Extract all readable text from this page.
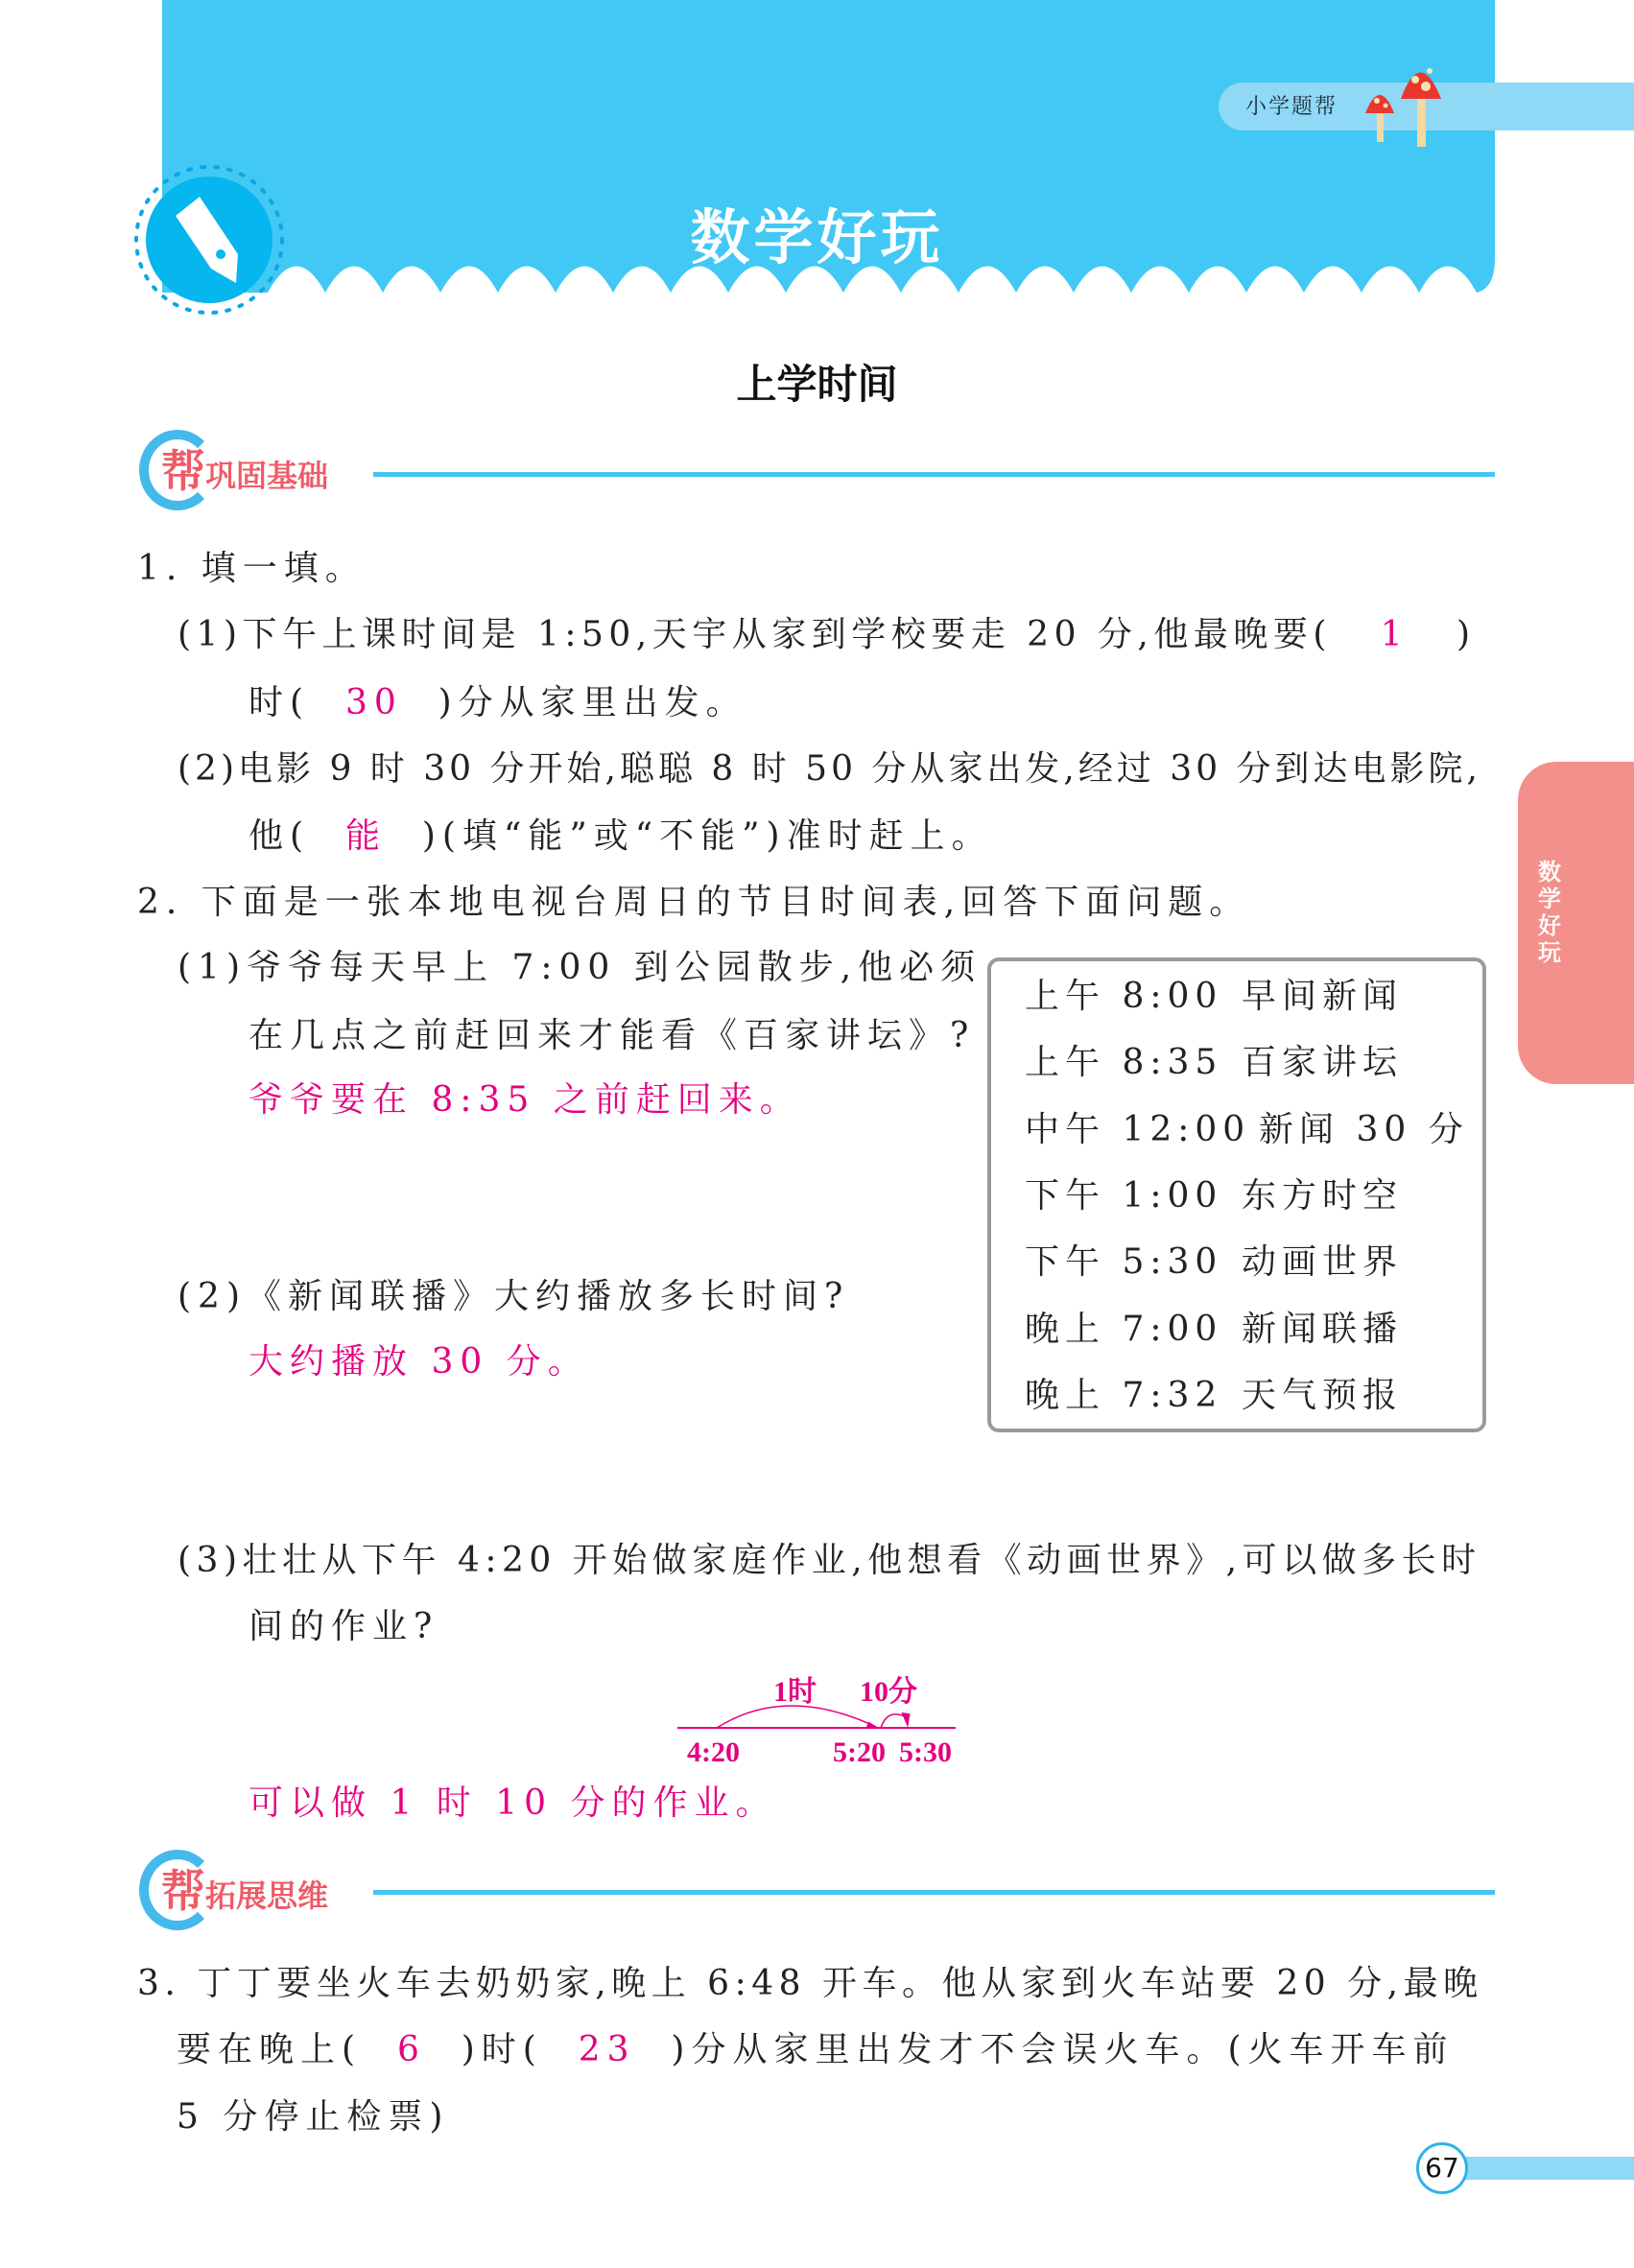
小学题帮
数学好玩
上学时间
帮巩固基础
帮拓展思维
1. 填一填。
(1)下午上课时间是 1:50,天宇从家到学校要走 20 分,他最晚要(   1   )
时(  30  )分从家里出发。
(2)电影 9 时 30 分开始,聪聪 8 时 50 分从家出发,经过 30 分到达电影院,
他(  能  )(填“能”或“不能”)准时赶上。
2. 下面是一张本地电视台周日的节目时间表,回答下面问题。
(1)爷爷每天早上 7:00 到公园散步,他必须
在几点之前赶回来才能看《百家讲坛》?
爷爷要在 8:35 之前赶回来。
(2)《新闻联播》大约播放多长时间?
大约播放 30 分。
(3)壮壮从下午 4:20 开始做家庭作业,他想看《动画世界》,可以做多长时
间的作业?
可以做 1 时 10 分的作业。
3. 丁丁要坐火车去奶奶家,晚上 6:48 开车。他从家到火车站要 20 分,最晚
要在晚上(  6  )时(  23  )分从家里出发才不会误火车。(火车开车前
5 分停止检票)
上午 8:00 早间新闻
上午 8:35 百家讲坛
中午 12:00 新闻 30 分
下午 1:00 东方时空
下午 5:30 动画世界
晚上 7:00 新闻联播
晚上 7:32 天气预报
1时 10分
4:20	5:20 5:30
数学好玩
67
